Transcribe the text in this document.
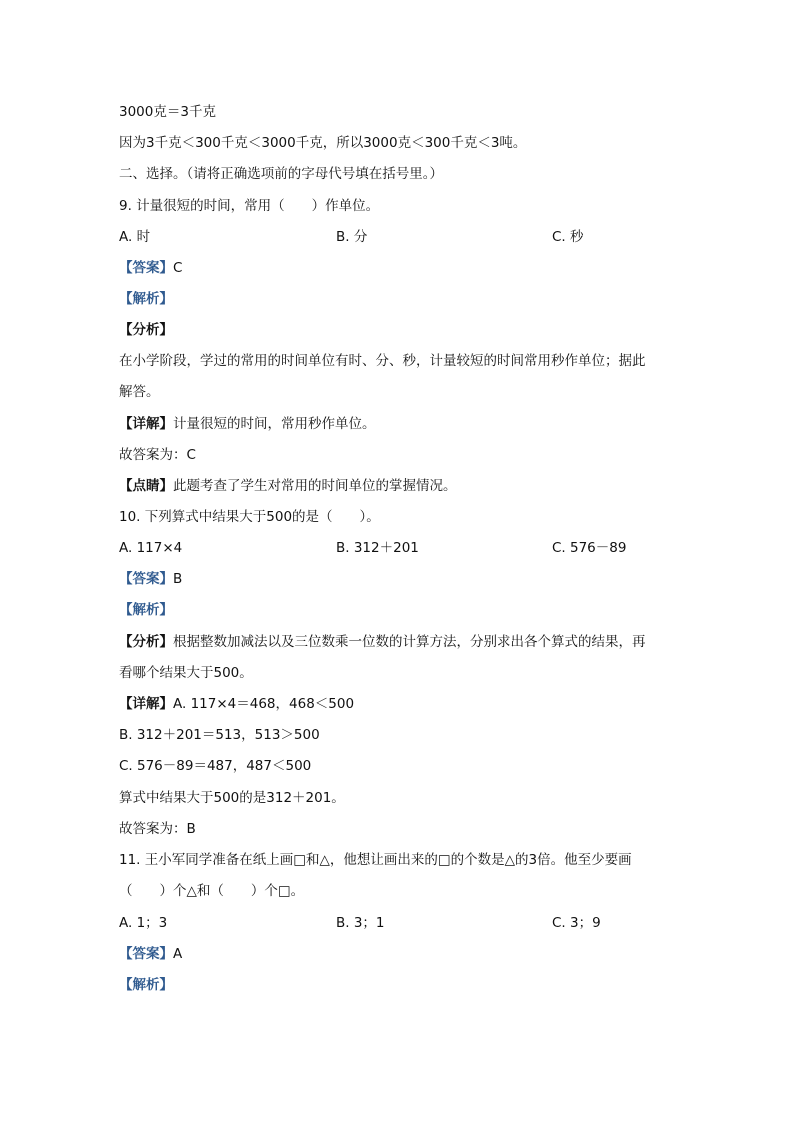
3000克＝3千克
因为3千克＜300千克＜3000千克，所以3000克＜300千克＜3吨。
二、选择。（请将正确选项前的字母代号填在括号里。）
9. 计量很短的时间，常用（　　）作单位。
A. 时	B. 分	C. 秒
【答案】C
【解析】
【分析】
在小学阶段，学过的常用的时间单位有时、分、秒，计量较短的时间常用秒作单位；据此
解答。
【详解】计量很短的时间，常用秒作单位。
故答案为：C
【点睛】此题考查了学生对常用的时间单位的掌握情况。
10. 下列算式中结果大于500的是（　　）。
A. 117×4	B. 312＋201	C. 576－89
【答案】B
【解析】
【分析】根据整数加减法以及三位数乘一位数的计算方法，分别求出各个算式的结果，再
看哪个结果大于500。
【详解】A. 117×4＝468，468＜500
B. 312＋201＝513，513＞500
C. 576－89＝487，487＜500
算式中结果大于500的是312＋201。
故答案为：B
11. 王小军同学准备在纸上画□和△，他想让画出来的□的个数是△的3倍。他至少要画
（　　）个△和（　　）个□。
A. 1；3	B. 3；1	C. 3；9
【答案】A
【解析】
